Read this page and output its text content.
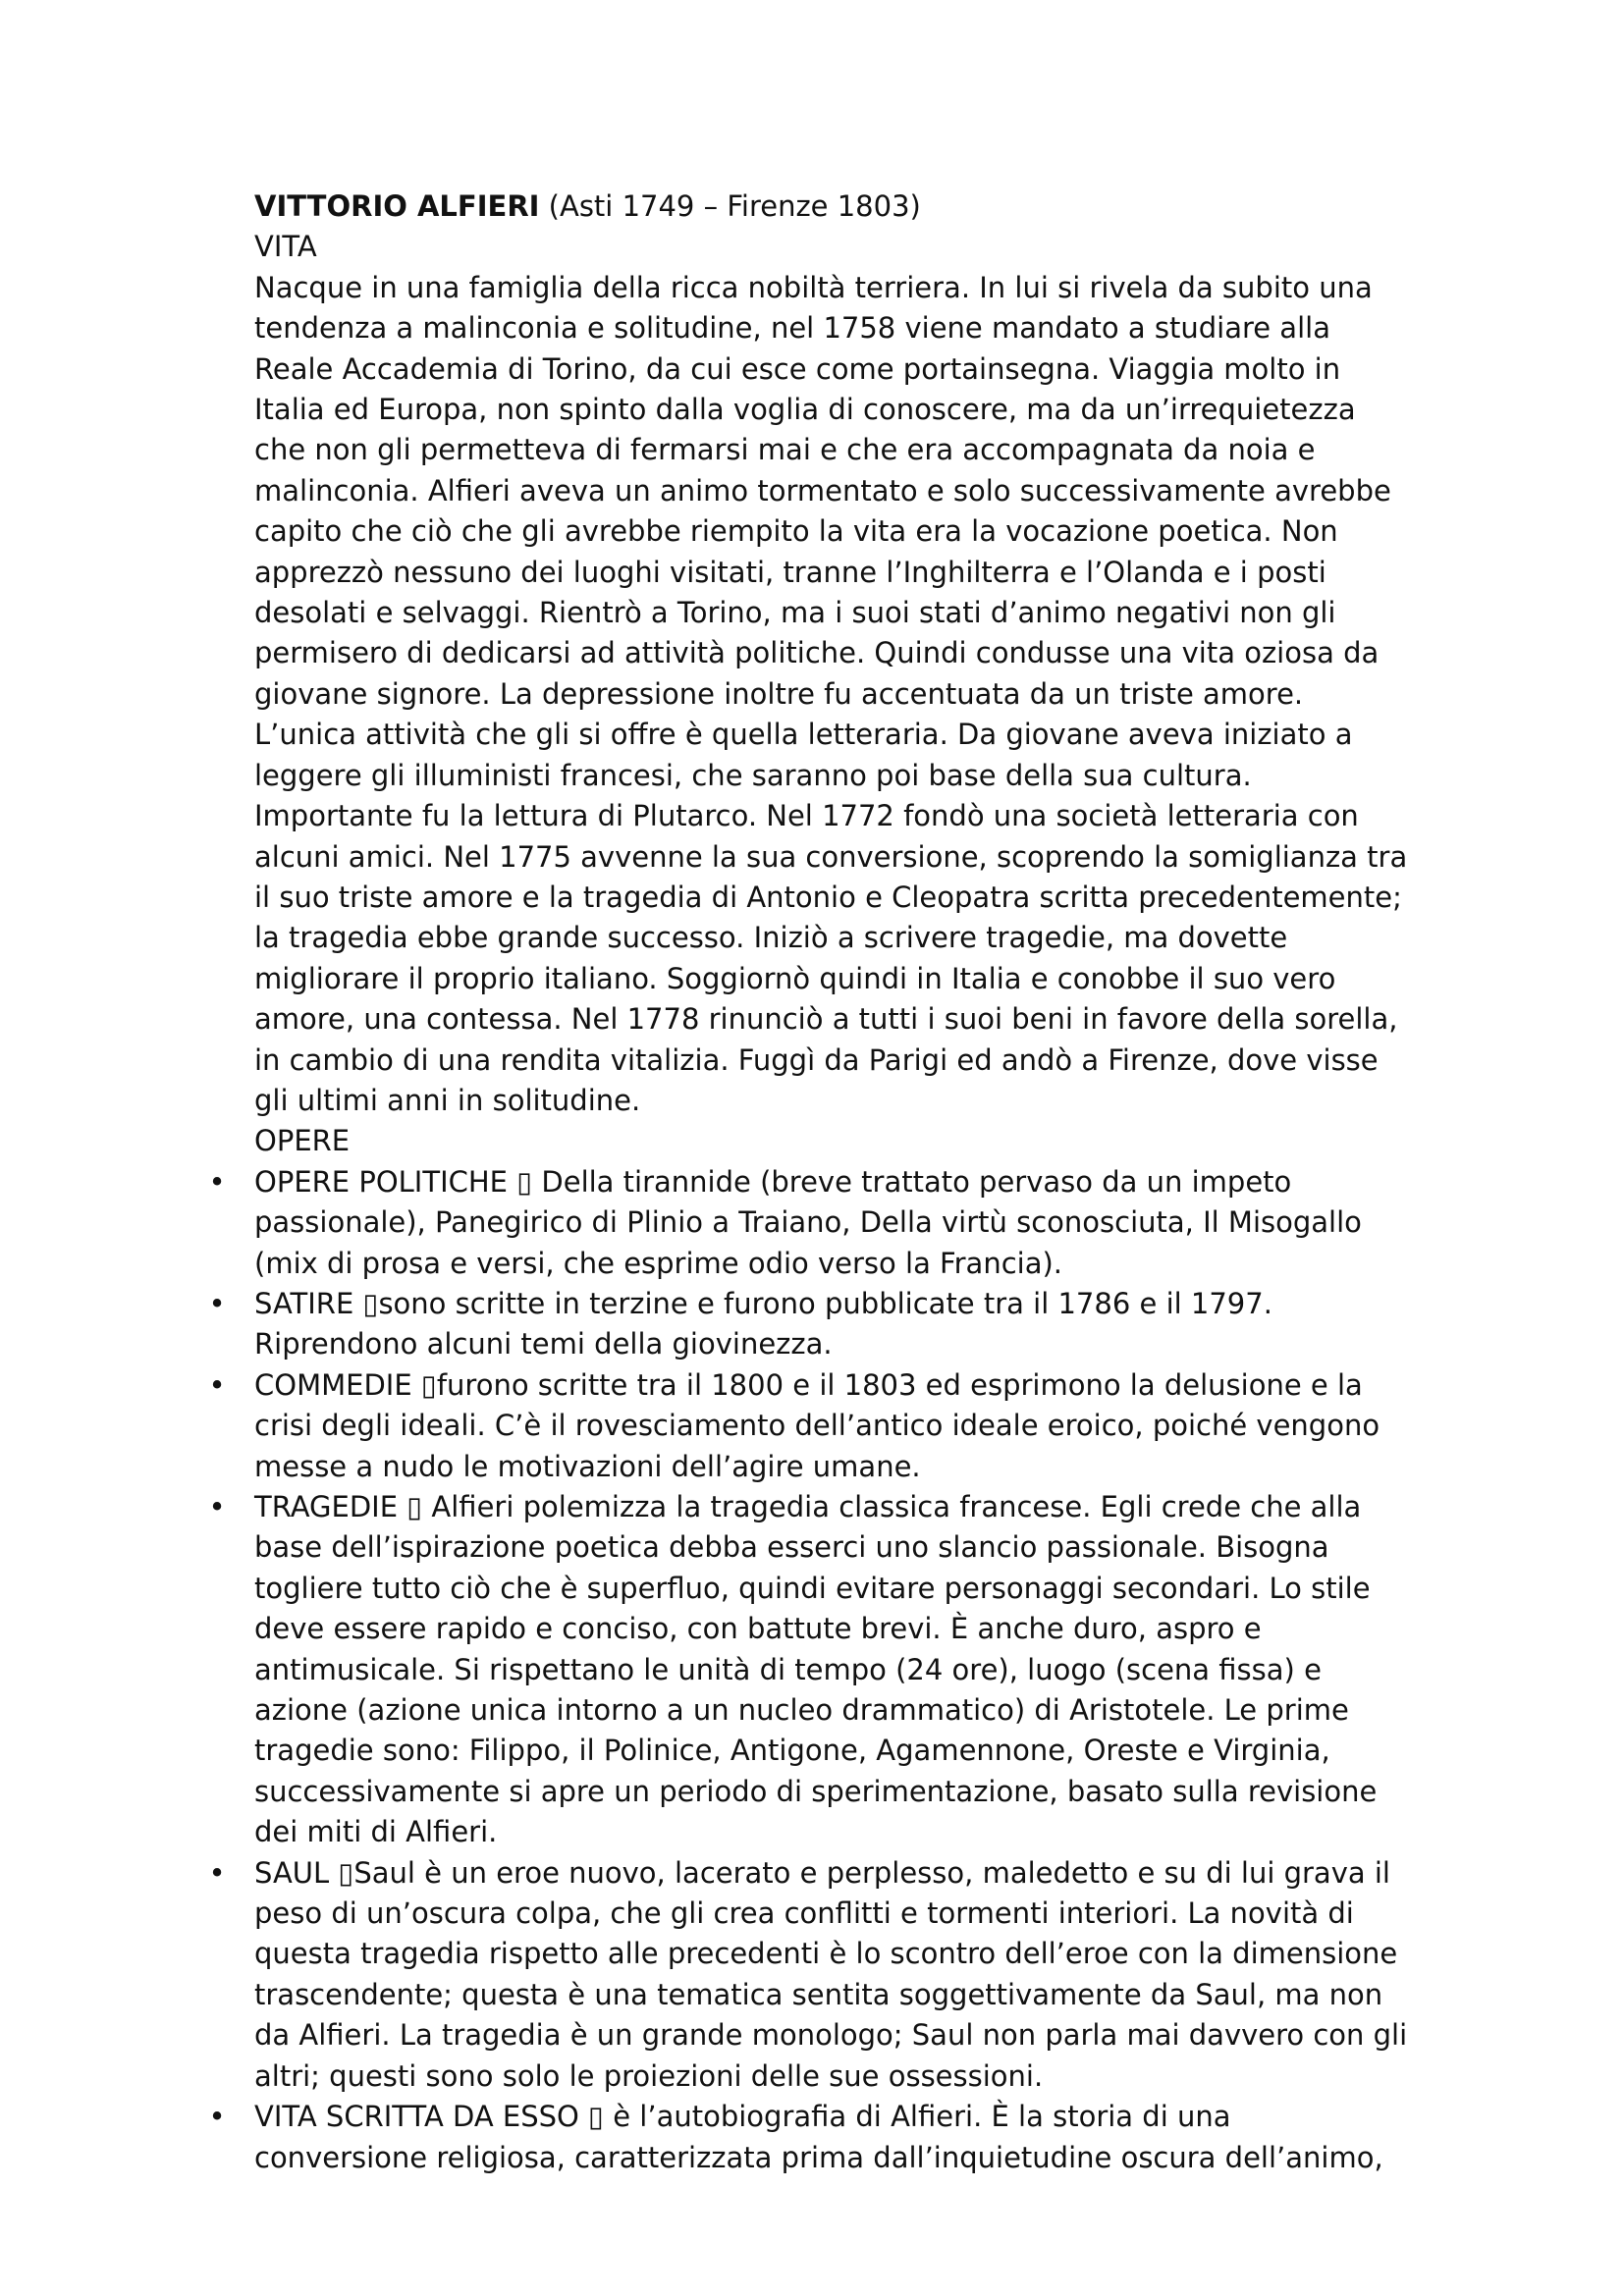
VITTORIO ALFIERI (Asti 1749 – Firenze 1803)
VITA
Nacque in una famiglia della ricca nobiltà terriera. In lui si rivela da subito una
tendenza a malinconia e solitudine, nel 1758 viene mandato a studiare alla
Reale Accademia di Torino, da cui esce come portainsegna. Viaggia molto in
Italia ed Europa, non spinto dalla voglia di conoscere, ma da un’irrequietezza
che non gli permetteva di fermarsi mai e che era accompagnata da noia e
malinconia. Alfieri aveva un animo tormentato e solo successivamente avrebbe
capito che ciò che gli avrebbe riempito la vita era la vocazione poetica. Non
apprezzò nessuno dei luoghi visitati, tranne l’Inghilterra e l’Olanda e i posti
desolati e selvaggi. Rientrò a Torino, ma i suoi stati d’animo negativi non gli
permisero di dedicarsi ad attività politiche. Quindi condusse una vita oziosa da
giovane signore. La depressione inoltre fu accentuata da un triste amore.
L’unica attività che gli si offre è quella letteraria. Da giovane aveva iniziato a
leggere gli illuministi francesi, che saranno poi base della sua cultura.
Importante fu la lettura di Plutarco. Nel 1772 fondò una società letteraria con
alcuni amici. Nel 1775 avvenne la sua conversione, scoprendo la somiglianza tra
il suo triste amore e la tragedia di Antonio e Cleopatra scritta precedentemente;
la tragedia ebbe grande successo. Iniziò a scrivere tragedie, ma dovette
migliorare il proprio italiano. Soggiornò quindi in Italia e conobbe il suo vero
amore, una contessa. Nel 1778 rinunciò a tutti i suoi beni in favore della sorella,
in cambio di una rendita vitalizia. Fuggì da Parigi ed andò a Firenze, dove visse
gli ultimi anni in solitudine.
OPERE
• OPERE POLITICHE ▯ Della tirannide (breve trattato pervaso da un impeto
passionale), Panegirico di Plinio a Traiano, Della virtù sconosciuta, Il Misogallo
(mix di prosa e versi, che esprime odio verso la Francia).
• SATIRE ▯sono scritte in terzine e furono pubblicate tra il 1786 e il 1797.
Riprendono alcuni temi della giovinezza.
• COMMEDIE ▯furono scritte tra il 1800 e il 1803 ed esprimono la delusione e la
crisi degli ideali. C’è il rovesciamento dell’antico ideale eroico, poiché vengono
messe a nudo le motivazioni dell’agire umane.
• TRAGEDIE ▯ Alfieri polemizza la tragedia classica francese. Egli crede che alla
base dell’ispirazione poetica debba esserci uno slancio passionale. Bisogna
togliere tutto ciò che è superfluo, quindi evitare personaggi secondari. Lo stile
deve essere rapido e conciso, con battute brevi. È anche duro, aspro e
antimusicale. Si rispettano le unità di tempo (24 ore), luogo (scena fissa) e
azione (azione unica intorno a un nucleo drammatico) di Aristotele. Le prime
tragedie sono: Filippo, il Polinice, Antigone, Agamennone, Oreste e Virginia,
successivamente si apre un periodo di sperimentazione, basato sulla revisione
dei miti di Alfieri.
• SAUL ▯Saul è un eroe nuovo, lacerato e perplesso, maledetto e su di lui grava il
peso di un’oscura colpa, che gli crea conflitti e tormenti interiori. La novità di
questa tragedia rispetto alle precedenti è lo scontro dell’eroe con la dimensione
trascendente; questa è una tematica sentita soggettivamente da Saul, ma non
da Alfieri. La tragedia è un grande monologo; Saul non parla mai davvero con gli
altri; questi sono solo le proiezioni delle sue ossessioni.
• VITA SCRITTA DA ESSO ▯ è l’autobiografia di Alfieri. È la storia di una
conversione religiosa, caratterizzata prima dall’inquietudine oscura dell’animo,
